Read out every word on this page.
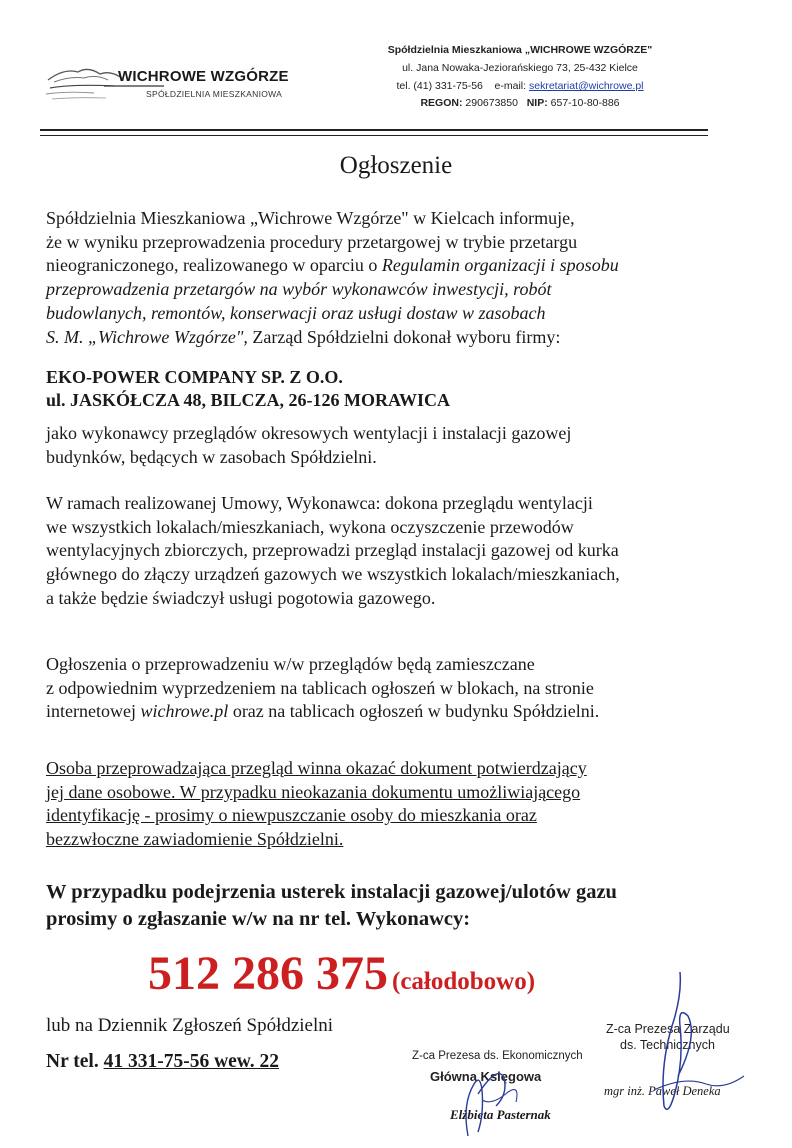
WICHROWE WZGÓRZE
SPÓŁDZIELNIA MIESZKANIOWA
Spółdzielnia Mieszkaniowa „WICHROWE WZGÓRZE"
ul. Jana Nowaka-Jeziorańskiego 73, 25-432 Kielce
tel. (41) 331-75-56 e-mail: sekretariat@wichrowe.pl
REGON: 290673850 NIP: 657-10-80-886
Ogłoszenie
Spółdzielnia Mieszkaniowa „Wichrowe Wzgórze" w Kielcach informuje,
że w wyniku przeprowadzenia procedury przetargowej w trybie przetargu
nieograniczonego, realizowanego w oparciu o Regulamin organizacji i sposobu
przeprowadzenia przetargów na wybór wykonawców inwestycji, robót
budowlanych, remontów, konserwacji oraz usługi dostaw w zasobach
S. M. „Wichrowe Wzgórze", Zarząd Spółdzielni dokonał wyboru firmy:
EKO-POWER COMPANY SP. Z O.O.
ul. JASKÓŁCZA 48, BILCZA, 26-126 MORAWICA
jako wykonawcy przeglądów okresowych wentylacji i instalacji gazowej
budynków, będących w zasobach Spółdzielni.
W ramach realizowanej Umowy, Wykonawca: dokona przeglądu wentylacji
we wszystkich lokalach/mieszkaniach, wykona oczyszczenie przewodów
wentylacyjnych zbiorczych, przeprowadzi przegląd instalacji gazowej od kurka
głównego do złączy urządzeń gazowych we wszystkich lokalach/mieszkaniach,
a także będzie świadczył usługi pogotowia gazowego.
Ogłoszenia o przeprowadzeniu w/w przeglądów będą zamieszczane
z odpowiednim wyprzedzeniem na tablicach ogłoszeń w blokach, na stronie
internetowej wichrowe.pl oraz na tablicach ogłoszeń w budynku Spółdzielni.
Osoba przeprowadzająca przegląd winna okazać dokument potwierdzający
jej dane osobowe. W przypadku nieokazania dokumentu umożliwiającego
identyfikację - prosimy o niewpuszczanie osoby do mieszkania oraz
bezzwłoczne zawiadomienie Spółdzielni.
W przypadku podejrzenia usterek instalacji gazowej/ulotów gazu
prosimy o zgłaszanie w/w na nr tel. Wykonawcy:
512 286 375 (całodobowo)
lub na Dziennik Zgłoszeń Spółdzielni
Nr tel. 41 331-75-56 wew. 22	Z-ca Prezesa ds. Ekonomicznych
Główna Księgowa
Elżbieta Pasternak
Z-ca Prezesa Zarządu
ds. Technicznych
mgr inż. Paweł Deneka
